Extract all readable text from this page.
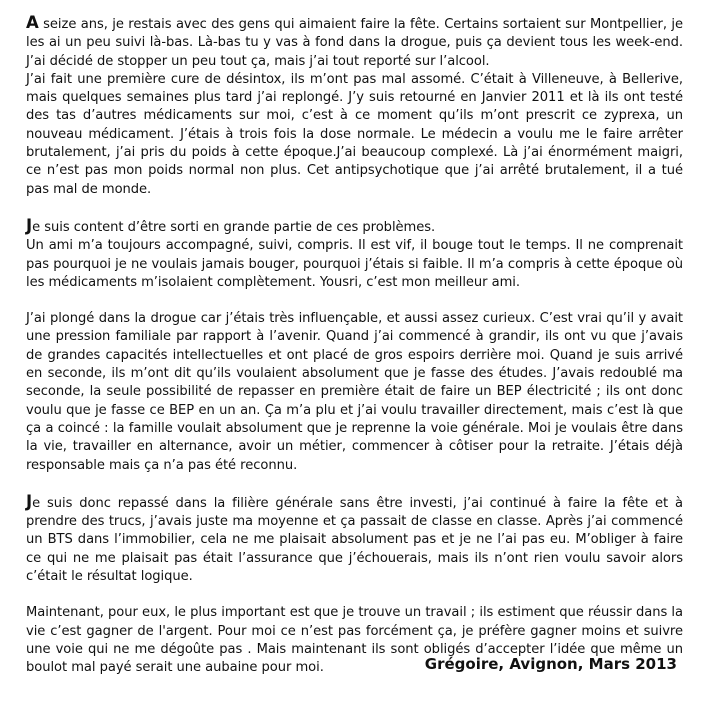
A seize ans, je restais avec des gens qui aimaient faire la fête. Certains sortaient sur Montpellier, je les ai un peu suivi là-bas. Là-bas tu y vas à fond dans la drogue, puis ça devient tous les week-end. J’ai décidé de stopper un peu tout ça, mais j’ai tout reporté sur l’alcool.

J’ai fait une première cure de désintox, ils m’ont pas mal assomé. C’était à Villeneuve, à Bellerive, mais quelques semaines plus tard j’ai replongé. J’y suis retourné en Janvier 2011 et là ils ont testé des tas d’autres médicaments sur moi, c’est à ce moment qu’ils m’ont prescrit ce zyprexa, un nouveau médicament. J’étais à trois fois la dose normale. Le médecin a voulu me le faire arrêter brutalement, j’ai pris du poids à cette époque.J’ai beaucoup complexé. Là j’ai énormément maigri, ce n’est pas mon poids normal non plus. Cet antipsychotique que j’ai arrêté brutalement, il a tué pas mal de monde.

Je suis content d’être sorti en grande partie de ces problèmes.

Un ami m’a toujours accompagné, suivi, compris. Il est vif, il bouge tout le temps. Il ne comprenait pas pourquoi je ne voulais jamais bouger, pourquoi j’étais si faible. Il m’a compris à cette époque où les médicaments m’isolaient complètement. Yousri, c’est mon meilleur ami.

J’ai plongé dans la drogue car j’étais très influençable, et aussi assez curieux. C’est vrai qu’il y avait une pression familiale par rapport à l’avenir. Quand j’ai commencé à grandir, ils ont vu que j’avais de grandes capacités intellectuelles et ont placé de gros espoirs derrière moi. Quand je suis arrivé en seconde, ils m’ont dit qu’ils voulaient absolument que je fasse des études. J’avais redoublé ma seconde, la seule possibilité de repasser en première était de faire un BEP électricité ; ils ont donc voulu que je fasse ce BEP en un an. Ça m’a plu et j’ai voulu travailler directement, mais c’est là que ça a coincé : la famille voulait absolument que je reprenne la voie générale. Moi je voulais être dans la vie, travailler en alternance, avoir un métier, commencer à côtiser pour la retraite. J’étais déjà responsable mais ça n’a pas été reconnu.

Je suis donc repassé dans la filière générale sans être investi, j’ai continué à faire la fête et à prendre des trucs, j’avais juste ma moyenne et ça passait de classe en classe. Après j’ai commencé un BTS dans l’immobilier, cela ne me plaisait absolument pas et je ne l’ai pas eu. M’obliger à faire ce qui ne me plaisait pas était l’assurance que j’échouerais, mais ils n’ont rien voulu savoir alors c’était le résultat logique.

Maintenant, pour eux, le plus important est que je trouve un travail ; ils estiment que réussir dans la vie c’est gagner de l'argent. Pour moi ce n’est pas forcément ça, je préfère gagner moins et suivre une voie qui ne me dégoûte pas . Mais maintenant ils sont obligés d’accepter l’idée que même un boulot mal payé serait une aubaine pour moi.	Grégoire, Avignon, Mars 2013
